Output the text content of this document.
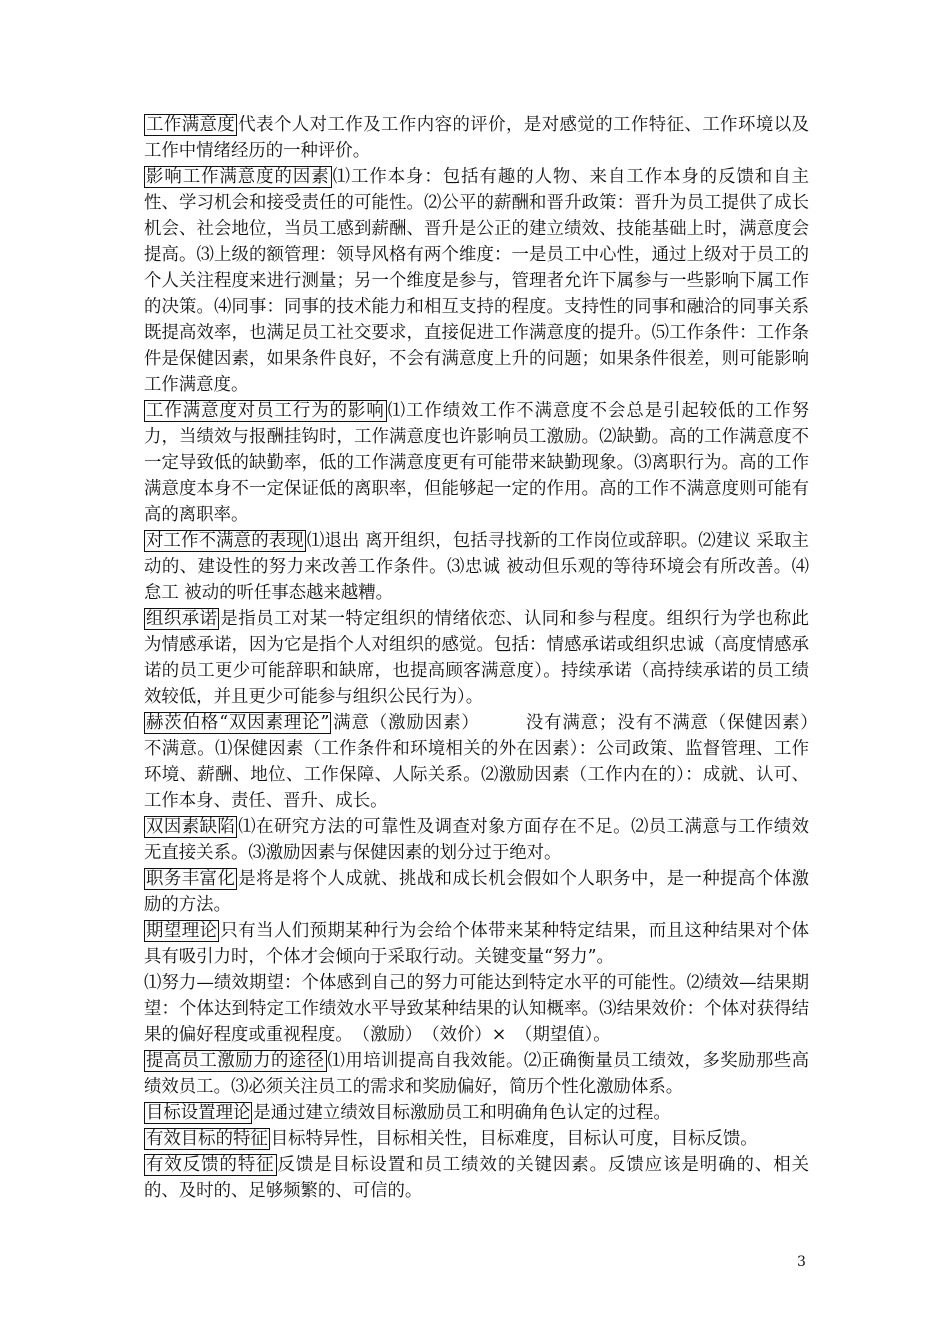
工作满意度 代表个人对工作及工作内容的评价，是对感觉的工作特征、工作环境以及工作中情绪经历的一种评价。

影响工作满意度的因素 ⑴工作本身：包括有趣的人物、来自工作本身的反馈和自主性、学习机会和接受责任的可能性。⑵公平的薪酬和晋升政策：晋升为员工提供了成长机会、社会地位，当员工感到薪酬、晋升是公正的建立绩效、技能基础上时，满意度会提高。⑶上级的额管理：领导风格有两个维度：一是员工中心性，通过上级对于员工的个人关注程度来进行测量；另一个维度是参与，管理者允许下属参与一些影响下属工作的决策。⑷同事：同事的技术能力和相互支持的程度。支持性的同事和融洽的同事关系既提高效率，也满足员工社交要求，直接促进工作满意度的提升。⑸工作条件：工作条件是保健因素，如果条件良好，不会有满意度上升的问题；如果条件很差，则可能影响工作满意度。

工作满意度对员工行为的影响 ⑴工作绩效工作不满意度不会总是引起较低的工作努力，当绩效与报酬挂钩时，工作满意度也许影响员工激励。⑵缺勤。高的工作满意度不一定导致低的缺勤率，低的工作满意度更有可能带来缺勤现象。⑶离职行为。高的工作满意度本身不一定保证低的离职率，但能够起一定的作用。高的工作不满意度则可能有高的离职率。

对工作不满意的表现 ⑴退出 离开组织，包括寻找新的工作岗位或辞职。⑵建议 采取主动的、建设性的努力来改善工作条件。⑶忠诚 被动但乐观的等待环境会有所改善。⑷怠工 被动的听任事态越来越糟。

组织承诺 是指员工对某一特定组织的情绪依恋、认同和参与程度。组织行为学也称此为情感承诺，因为它是指个人对组织的感觉。包括：情感承诺或组织忠诚（高度情感承诺的员工更少可能辞职和缺席，也提高顾客满意度）。持续承诺（高持续承诺的员工绩效较低，并且更少可能参与组织公民行为）。

赫茨伯格“双因素理论” 满意（激励因素）　　　没有满意；没有不满意（保健因素）　　不满意。⑴保健因素（工作条件和环境相关的外在因素）：公司政策、监督管理、工作环境、薪酬、地位、工作保障、人际关系。⑵激励因素（工作内在的）：成就、认可、工作本身、责任、晋升、成长。

双因素缺陷 ⑴在研究方法的可靠性及调查对象方面存在不足。⑵员工满意与工作绩效无直接关系。⑶激励因素与保健因素的划分过于绝对。

职务丰富化 是将是将个人成就、挑战和成长机会假如个人职务中，是一种提高个体激励的方法。

期望理论 只有当人们预期某种行为会给个体带来某种特定结果，而且这种结果对个体具有吸引力时，个体才会倾向于采取行动。关键变量“努力”。

⑴努力—绩效期望：个体感到自己的努力可能达到特定水平的可能性。⑵绩效—结果期望：个体达到特定工作绩效水平导致某种结果的认知概率。⑶结果效价：个体对获得结果的偏好程度或重视程度。　（激励）　（效价）×　（期望值）。

提高员工激励力的途径 ⑴用培训提高自我效能。⑵正确衡量员工绩效，多奖励那些高绩效员工。⑶必须关注员工的需求和奖励偏好，简历个性化激励体系。

目标设置理论 是通过建立绩效目标激励员工和明确角色认定的过程。

有效目标的特征 目标特异性，目标相关性，目标难度，目标认可度，目标反馈。

有效反馈的特征 反馈是目标设置和员工绩效的关键因素。反馈应该是明确的、相关的、及时的、足够频繁的、可信的。

3
